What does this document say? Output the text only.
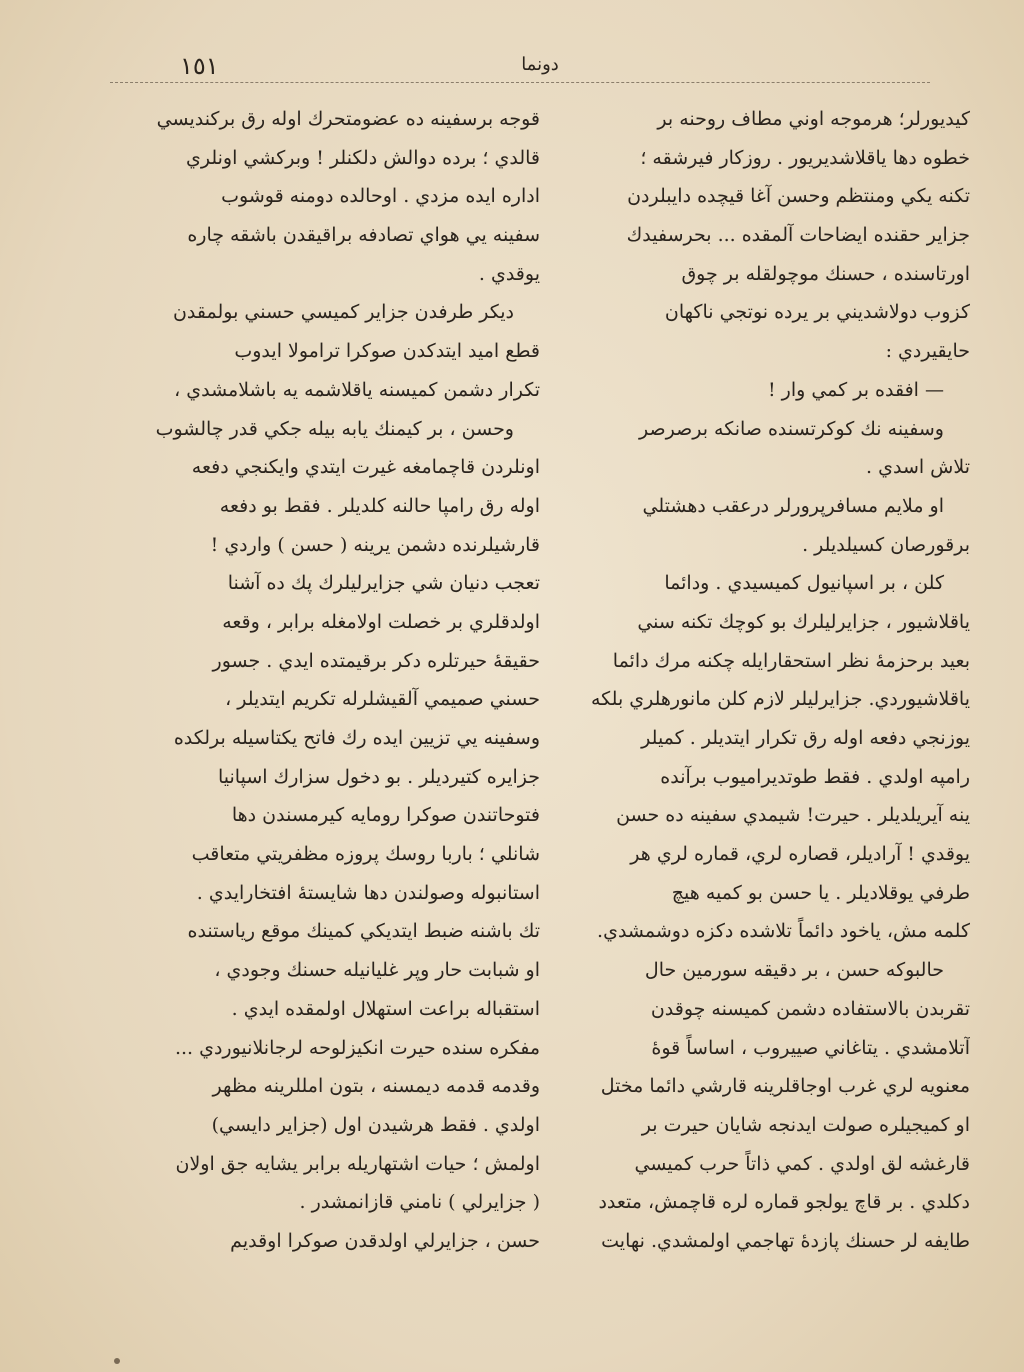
١٥١	دونما
كيديورلر؛ هرموجه اوني مطاف روحنه بر
خطوه دها ياقلاشديريور . روزكار فيرشقه ؛
تكنه يكي ومنتظم وحسن آغا قيچده دايبلردن
جزاير حقنده ايضاحات آلمقده ... بحرسفيدك
اورتاسنده ، حسنك موچولقله بر چوق
كزوب دولاشديني بر يرده نوتجي ناكهان
حايقيردي :
— افقده بر كمي وار !
وسفينه نك كوكرتسنده صانكه برصرصر
تلاش اسدي .
او ملايم مسافرپرورلر درعقب دهشتلي
برقورصان كسيلديلر .
كلن ، بر اسپانيول كميسيدي . ودائما
ياقلاشيور ، جزايرليلرك بو كوچك تكنه سني
بعيد برحزمهٔ نظر استحقارايله چكنه مرك دائما
ياقلاشيوردي. جزايرليلر لازم كلن مانورهلري بلكه
يوزنجي دفعه اوله رق تكرار ايتديلر . كميلر
رامپه اولدي . فقط طوتديراميوب برآنده
ينه آيريلديلر . حيرت! شيمدي سفينه ده حسن
يوقدي ! آراديلر، قصاره لري، قماره لري هر
طرفي يوقلاديلر . يا حسن بو كميه هيچ
كلمه مش، ياخود دائماً تلاشده دكزه دوشمشدي.
حالبوكه حسن ، بر دقيقه سورمين حال
تقربدن بالاستفاده دشمن كميسنه چوقدن
آتلامشدي . يتاغاني صييروب ، اساساً قوهٔ
معنويه لري غرب اوجاقلرينه قارشي دائما مختل
او كميجيلره صولت ايدنجه شايان حيرت بر
قارغشه لق اولدي . كمي ذاتاً حرب كميسي
دكلدي . بر قاچ يولجو قماره لره قاچمش، متعدد
طايفه لر حسنك پازدهٔ تهاجمي اولمشدي. نهايت
قوجه برسفينه ده عضومتحرك اوله رق بركنديسي
قالدي ؛ برده دوالش دلكنلر ! وبركشي اونلري
اداره ايده مزدي . اوحالده دومنه قوشوب
سفينه يي هواي تصادفه براقيقدن باشقه چاره
يوقدي .
ديكر طرفدن جزاير كميسي حسني بولمقدن
قطع اميد ايتدكدن صوكرا ترامولا ايدوب
تكرار دشمن كميسنه ياقلاشمه يه باشلامشدي ،
وحسن ، بر كيمنك يابه بيله جكي قدر چالشوب
اونلردن قاچمامغه غيرت ايتدي وايكنجي دفعه
اوله رق رامپا حالنه كلديلر . فقط بو دفعه
قارشيلرنده دشمن يرينه ( حسن ) واردي !
تعجب دنيان شي جزايرليلرك پك ده آشنا
اولدقلري بر خصلت اولامغله برابر ، وقعه
حقيقهٔ حيرتلره دكر برقيمتده ايدي . جسور
حسني صميمي آلقيشلرله تكريم ايتديلر ،
وسفينه يي تزيين ايده رك فاتح يكتاسيله برلكده
جزايره كتيرديلر . بو دخول سزارك اسپانيا
فتوحاتندن صوكرا رومايه كيرمسندن دها
شانلي ؛ باربا روسك پروزه مظفريتي متعاقب
استانبوله وصولندن دها شايستهٔ افتخارايدي .
تك باشنه ضبط ايتديكي كمينك موقع رياستنده
او شبابت حار وپر غليانيله حسنك وجودي ،
استقباله براعت استهلال اولمقده ايدي .
مفكره سنده حيرت انكيزلوحه لرجانلانيوردي ...
وقدمه قدمه ديمسنه ، بتون امللرينه مظهر
اولدي . فقط هرشيدن اول (جزاير دايسي)
اولمش ؛ حيات اشتهاريله برابر يشايه جق اولان
( جزايرلي ) نامني قازانمشدر .
حسن ، جزايرلي اولدقدن صوكرا اوقديم
